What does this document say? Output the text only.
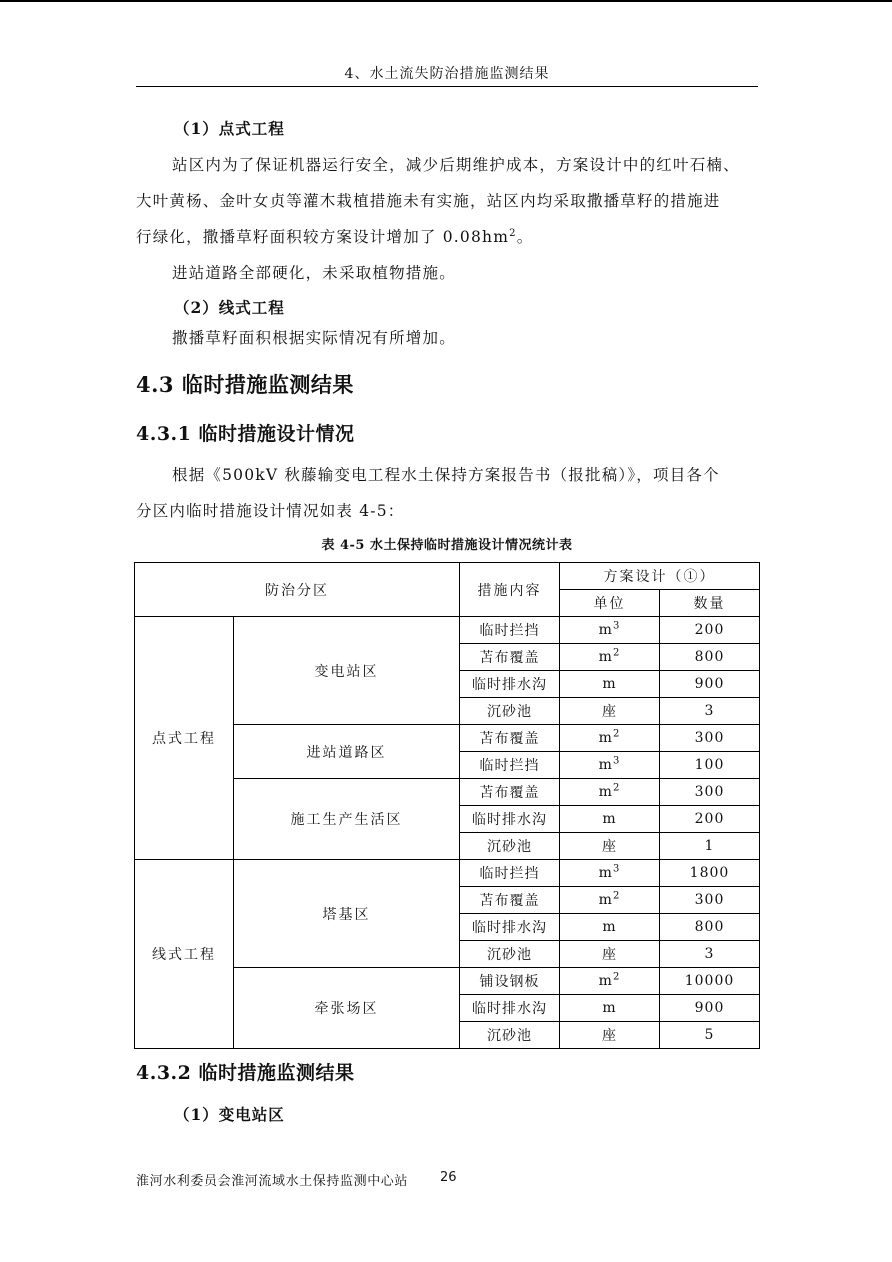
4、水土流失防治措施监测结果
（1）点式工程
站区内为了保证机器运行安全，减少后期维护成本，方案设计中的红叶石楠、
大叶黄杨、金叶女贞等灌木栽植措施未有实施，站区内均采取撒播草籽的措施进
行绿化，撒播草籽面积较方案设计增加了 $0.08hm^2$。
进站道路全部硬化，未采取植物措施。
（2）线式工程
撒播草籽面积根据实际情况有所增加。
4.3 临时措施监测结果
4.3.1 临时措施设计情况
根据《500kV 秋藤输变电工程水土保持方案报告书（报批稿）》，项目各个
分区内临时措施设计情况如表 4-5：
表 4-5 水土保持临时措施设计情况统计表
防治分区		措施内容	方案设计（①）	
			单位	数量
点式工程	变电站区	临时拦挡	$m^3$	200
		苫布覆盖	$m^2$	800
		临时排水沟	m	900
		沉砂池	座	3
	进站道路区	苫布覆盖	$m^2$	300
		临时拦挡	$m^3$	100
	施工生产生活区	苫布覆盖	$m^2$	300
		临时排水沟	m	200
		沉砂池	座	1
线式工程	塔基区	临时拦挡	$m^3$	1800
		苫布覆盖	$m^2$	300
		临时排水沟	m	800
		沉砂池	座	3
	牵张场区	铺设钢板	$m^2$	10000
		临时排水沟	m	900
		沉砂池	座	5
4.3.2 临时措施监测结果
（1）变电站区
淮河水利委员会淮河流域水土保持监测中心站 26
